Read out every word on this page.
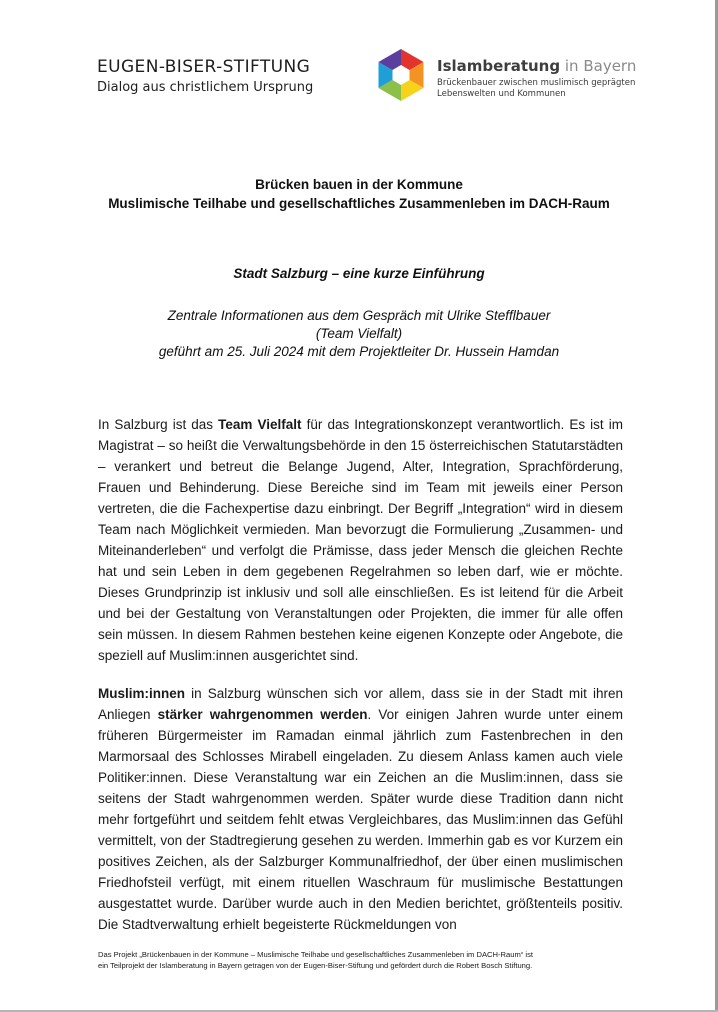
EUGEN-BISER-STIFTUNG
Dialog aus christlichem Ursprung
Islamberatung in Bayern
Brückenbauer zwischen muslimisch geprägten
Lebenswelten und Kommunen
Brücken bauen in der Kommune
Muslimische Teilhabe und gesellschaftliches Zusammenleben im DACH-Raum
Stadt Salzburg – eine kurze Einführung
Zentrale Informationen aus dem Gespräch mit Ulrike Stefflbauer
(Team Vielfalt)
geführt am 25. Juli 2024 mit dem Projektleiter Dr. Hussein Hamdan
In Salzburg ist das Team Vielfalt für das Integrationskonzept verantwortlich. Es ist im Magistrat – so heißt die Verwaltungsbehörde in den 15 österreichischen Statutarstädten – verankert und betreut die Belange Jugend, Alter, Integration, Sprachförderung, Frauen und Behinderung. Diese Bereiche sind im Team mit jeweils einer Person vertreten, die die Fachexpertise dazu einbringt. Der Begriff „Integration“ wird in diesem Team nach Möglichkeit vermieden. Man bevorzugt die Formulierung „Zusammen- und Miteinanderleben“ und verfolgt die Prämisse, dass jeder Mensch die gleichen Rechte hat und sein Leben in dem gegebenen Regelrahmen so leben darf, wie er möchte. Dieses Grundprinzip ist inklusiv und soll alle einschließen. Es ist leitend für die Arbeit und bei der Gestaltung von Veranstaltungen oder Projekten, die immer für alle offen sein müssen. In diesem Rahmen bestehen keine eigenen Konzepte oder Angebote, die speziell auf Muslim:innen ausgerichtet sind.
Muslim:innen in Salzburg wünschen sich vor allem, dass sie in der Stadt mit ihren Anliegen stärker wahrgenommen werden. Vor einigen Jahren wurde unter einem früheren Bürgermeister im Ramadan einmal jährlich zum Fastenbrechen in den Marmorsaal des Schlosses Mirabell eingeladen. Zu diesem Anlass kamen auch viele Politiker:innen. Diese Veranstaltung war ein Zeichen an die Muslim:innen, dass sie seitens der Stadt wahrgenommen werden. Später wurde diese Tradition dann nicht mehr fortgeführt und seitdem fehlt etwas Vergleichbares, das Muslim:innen das Gefühl vermittelt, von der Stadtregierung gesehen zu werden. Immerhin gab es vor Kurzem ein positives Zeichen, als der Salzburger Kommunalfriedhof, der über einen muslimischen Friedhofsteil verfügt, mit einem rituellen Waschraum für muslimische Bestattungen ausgestattet wurde. Darüber wurde auch in den Medien berichtet, größtenteils positiv. Die Stadtverwaltung erhielt begeisterte Rückmeldungen von
Das Projekt „Brückenbauen in der Kommune – Muslimische Teilhabe und gesellschaftliches Zusammenleben im DACH-Raum“ ist
ein Teilprojekt der Islamberatung in Bayern getragen von der Eugen-Biser-Stiftung und gefördert durch die Robert Bosch Stiftung.
